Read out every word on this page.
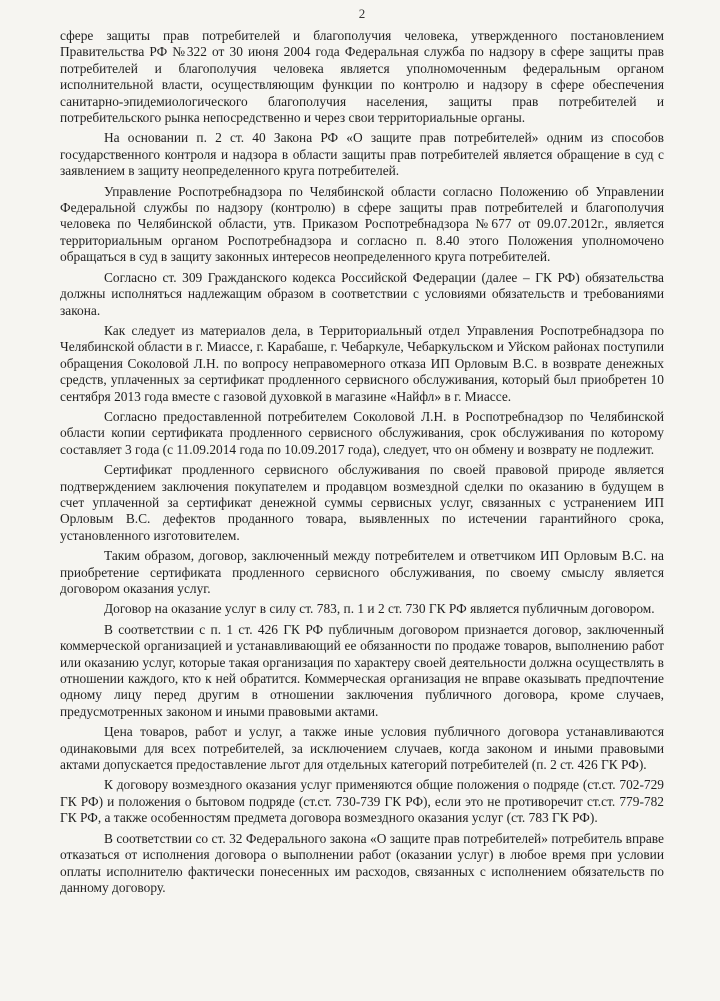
2

сфере защиты прав потребителей и благополучия человека, утвержденного постановлением Правительства РФ №322 от 30 июня 2004 года Федеральная служба по надзору в сфере защиты прав потребителей и благополучия человека является уполномоченным федеральным органом исполнительной власти, осуществляющим функции по контролю и надзору в сфере обеспечения санитарно-эпидемиологического благополучия населения, защиты прав потребителей и потребительского рынка непосредственно и через свои территориальные органы.

На основании п. 2 ст. 40 Закона РФ «О защите прав потребителей» одним из способов государственного контроля и надзора в области защиты прав потребителей является обращение в суд с заявлением в защиту неопределенного круга потребителей.

Управление Роспотребнадзора по Челябинской области согласно Положению об Управлении Федеральной службы по надзору (контролю) в сфере защиты прав потребителей и благополучия человека по Челябинской области, утв. Приказом Роспотребнадзора №677 от 09.07.2012г., является территориальным органом Роспотребнадзора и согласно п. 8.40 этого Положения уполномочено обращаться в суд в защиту законных интересов неопределенного круга потребителей.

Согласно ст. 309 Гражданского кодекса Российской Федерации (далее – ГК РФ) обязательства должны исполняться надлежащим образом в соответствии с условиями обязательств и требованиями закона.

Как следует из материалов дела, в Территориальный отдел Управления Роспотребнадзора по Челябинской области в г. Миассе, г. Карабаше, г. Чебаркуле, Чебаркульском и Уйском районах поступили обращения Соколовой Л.Н. по вопросу неправомерного отказа ИП Орловым В.С. в возврате денежных средств, уплаченных за сертификат продленного сервисного обслуживания, который был приобретен 10 сентября 2013 года вместе с газовой духовкой в магазине «Найфл» в г. Миассе.

Согласно предоставленной потребителем Соколовой Л.Н. в Роспотребнадзор по Челябинской области копии сертификата продленного сервисного обслуживания, срок обслуживания по которому составляет 3 года (с 11.09.2014 года по 10.09.2017 года), следует, что он обмену и возврату не подлежит.

Сертификат продленного сервисного обслуживания по своей правовой природе является подтверждением заключения покупателем и продавцом возмездной сделки по оказанию в будущем в счет уплаченной за сертификат денежной суммы сервисных услуг, связанных с устранением ИП Орловым В.С. дефектов проданного товара, выявленных по истечении гарантийного срока, установленного изготовителем.

Таким образом, договор, заключенный между потребителем и ответчиком ИП Орловым В.С. на приобретение сертификата продленного сервисного обслуживания, по своему смыслу является договором оказания услуг.

Договор на оказание услуг в силу ст. 783, п. 1 и 2 ст. 730 ГК РФ является публичным договором.

В соответствии с п. 1 ст. 426 ГК РФ публичным договором признается договор, заключенный коммерческой организацией и устанавливающий ее обязанности по продаже товаров, выполнению работ или оказанию услуг, которые такая организация по характеру своей деятельности должна осуществлять в отношении каждого, кто к ней обратится. Коммерческая организация не вправе оказывать предпочтение одному лицу перед другим в отношении заключения публичного договора, кроме случаев, предусмотренных законом и иными правовыми актами.

Цена товаров, работ и услуг, а также иные условия публичного договора устанавливаются одинаковыми для всех потребителей, за исключением случаев, когда законом и иными правовыми актами допускается предоставление льгот для отдельных категорий потребителей (п. 2 ст. 426 ГК РФ).

К договору возмездного оказания услуг применяются общие положения о подряде (ст.ст. 702-729 ГК РФ) и положения о бытовом подряде (ст.ст. 730-739 ГК РФ), если это не противоречит ст.ст. 779-782 ГК РФ, а также особенностям предмета договора возмездного оказания услуг (ст. 783 ГК РФ).

В соответствии со ст. 32 Федерального закона «О защите прав потребителей» потребитель вправе отказаться от исполнения договора о выполнении работ (оказании услуг) в любое время при условии оплаты исполнителю фактически понесенных им расходов, связанных с исполнением обязательств по данному договору.
